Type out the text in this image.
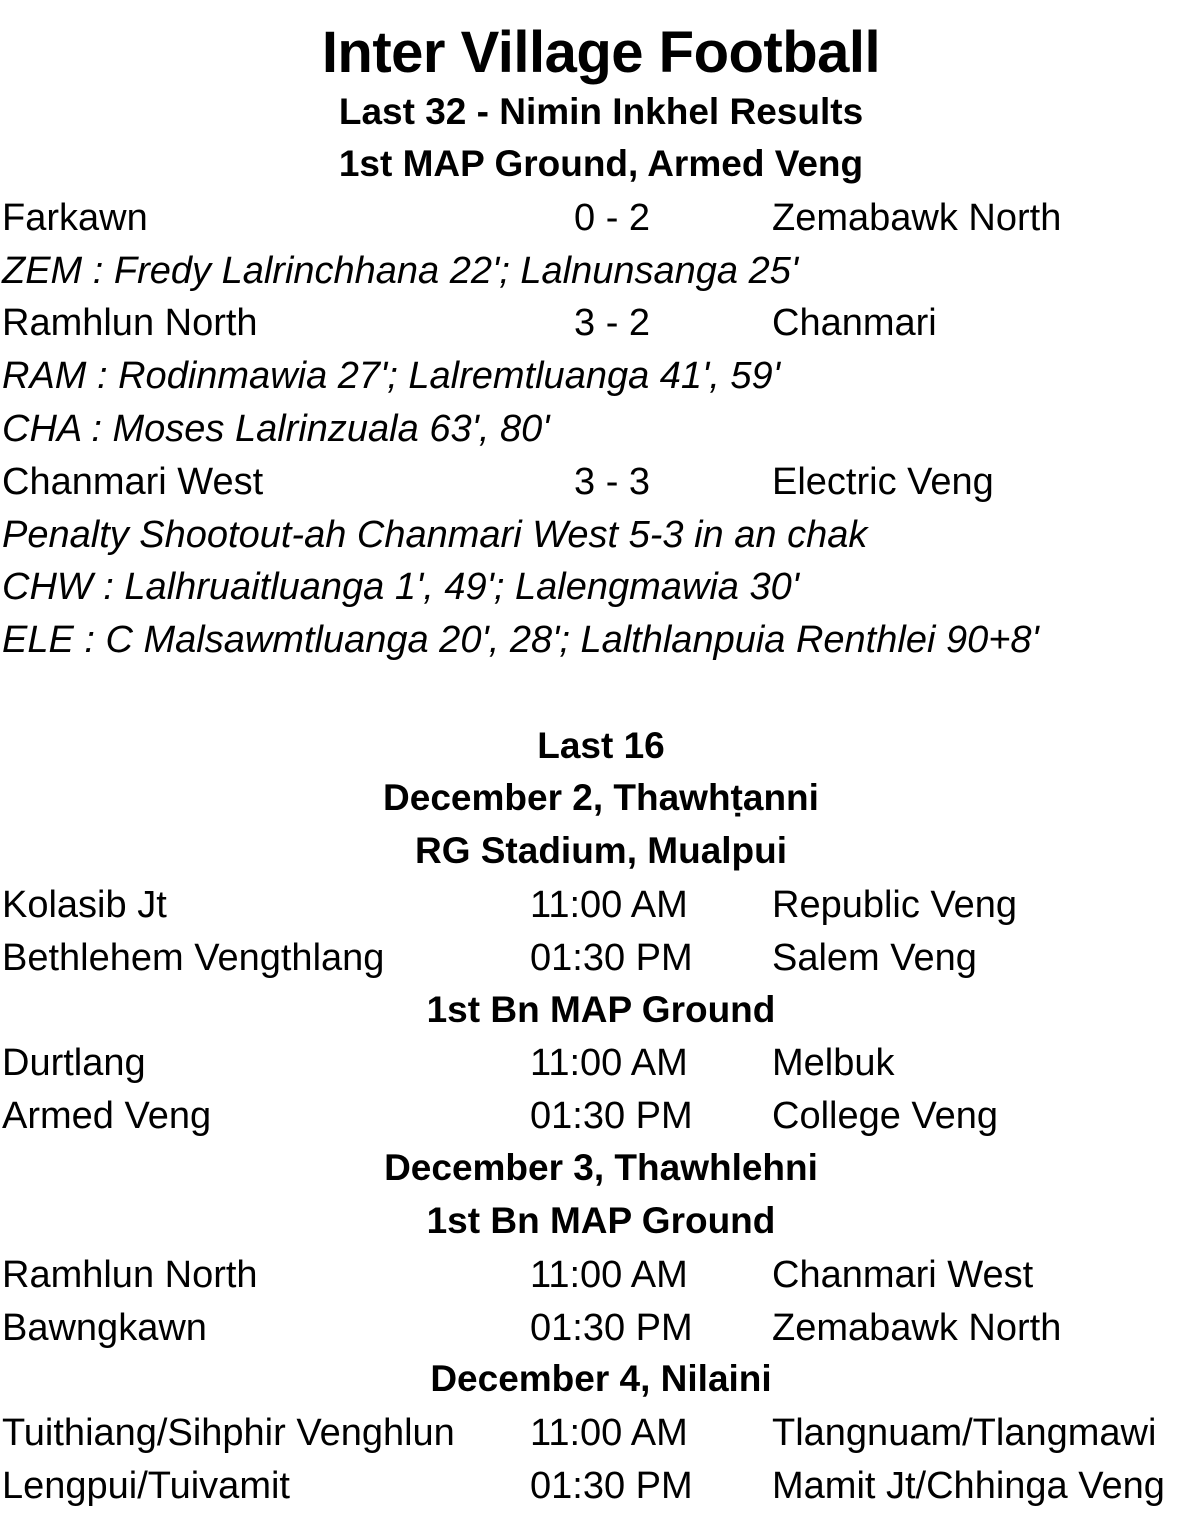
Inter Village Football
Last 32 - Nimin Inkhel Results
1st MAP Ground, Armed Veng
Farkawn	0 - 2	Zemabawk North
ZEM : Fredy Lalrinchhana 22'; Lalnunsanga 25'
Ramhlun North	3 - 2	Chanmari
RAM : Rodinmawia 27'; Lalremtluanga 41', 59'
CHA : Moses Lalrinzuala 63', 80'
Chanmari West	3 - 3	Electric Veng
Penalty Shootout-ah Chanmari West 5-3 in an chak
CHW : Lalhruaitluanga 1', 49'; Lalengmawia 30'
ELE : C Malsawmtluanga 20', 28'; Lalthlanpuia Renthlei 90+8'
Last 16
December 2, Thawhṭanni
RG Stadium, Mualpui
Kolasib Jt	11:00 AM Republic Veng
Bethlehem Vengthlang	01:30 PM Salem Veng
1st Bn MAP Ground
Durtlang	11:00 AM Melbuk
Armed Veng	01:30 PM College Veng
December 3, Thawhlehni
1st Bn MAP Ground
Ramhlun North	11:00 AM Chanmari West
Bawngkawn	01:30 PM Zemabawk North
December 4, Nilaini
Tuithiang/Sihphir Venghlun 11:00 AM Tlangnuam/Tlangmawi
Lengpui/Tuivamit	01:30 PM Mamit Jt/Chhinga Veng
